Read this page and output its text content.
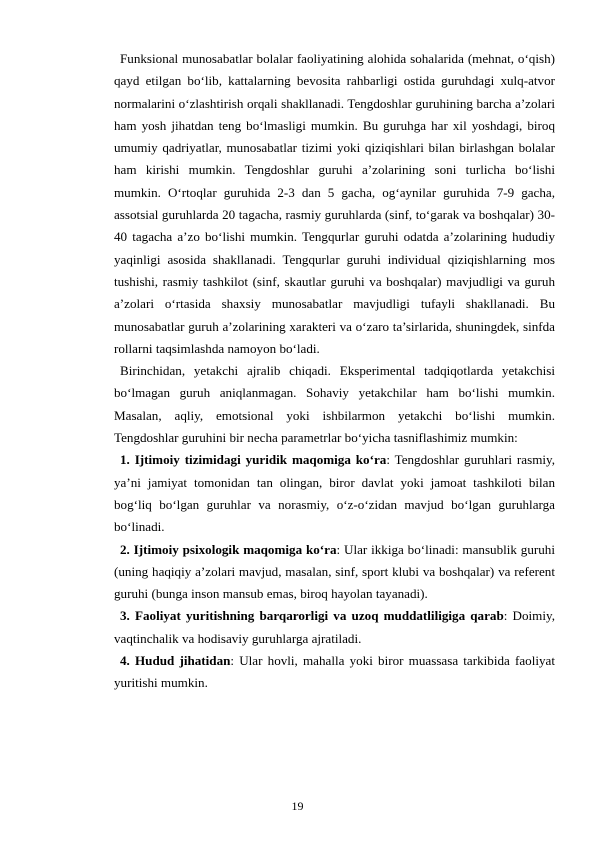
Funksional munosabatlar bolalar faoliyatining alohida sohalarida (mehnat, o‘qish) qayd etilgan bo‘lib, kattalarning bevosita rahbarligi ostida guruhdagi xulq-atvor normalarini o‘zlashtirish orqali shakllanadi. Tengdoshlar guruhining barcha a’zolari ham yosh jihatdan teng bo‘lmasligi mumkin. Bu guruhga har xil yoshdagi, biroq umumiy qadriyatlar, munosabatlar tizimi yoki qiziqishlari bilan birlashgan bolalar ham kirishi mumkin. Tengdoshlar guruhi a’zolarining soni turlicha bo‘lishi mumkin. O‘rtoqlar guruhida 2-3 dan 5 gacha, og‘aynilar guruhida 7-9 gacha, assotsial guruhlarda 20 tagacha, rasmiy guruhlarda (sinf, to‘garak va boshqalar) 30-40 tagacha a’zo bo‘lishi mumkin. Tengqurlar guruhi odatda a’zolarining hududiy yaqinligi asosida shakllanadi. Tengqurlar guruhi individual qiziqishlarning mos tushishi, rasmiy tashkilot (sinf, skautlar guruhi va boshqalar) mavjudligi va guruh a’zolari o‘rtasida shaxsiy munosabatlar mavjudligi tufayli shakllanadi. Bu munosabatlar guruh a’zolarining xarakteri va o‘zaro ta’sirlarida, shuningdek, sinfda rollarni taqsimlashda namoyon bo‘ladi.

Birinchidan, yetakchi ajralib chiqadi. Eksperimental tadqiqotlarda yetakchisi bo‘lmagan guruh aniqlanmagan. Sohaviy yetakchilar ham bo‘lishi mumkin. Masalan, aqliy, emotsional yoki ishbilarmon yetakchi bo‘lishi mumkin. Tengdoshlar guruhini bir necha parametrlar bo‘yicha tasniflashimiz mumkin:

1. Ijtimoiy tizimidagi yuridik maqomiga ko‘ra: Tengdoshlar guruhlari rasmiy, ya’ni jamiyat tomonidan tan olingan, biror davlat yoki jamoat tashkiloti bilan bog‘liq bo‘lgan guruhlar va norasmiy, o‘z-o‘zidan mavjud bo‘lgan guruhlarga bo‘linadi.

2. Ijtimoiy psixologik maqomiga ko‘ra: Ular ikkiga bo‘linadi: mansublik guruhi (uning haqiqiy a’zolari mavjud, masalan, sinf, sport klubi va boshqalar) va referent guruhi (bunga inson mansub emas, biroq hayolan tayanadi).

3. Faoliyat yuritishning barqarorligi va uzoq muddatliligiga qarab: Doimiy, vaqtinchalik va hodisaviy guruhlarga ajratiladi.

4. Hudud jihatidan: Ular hovli, mahalla yoki biror muassasa tarkibida faoliyat yuritishi mumkin.

19
